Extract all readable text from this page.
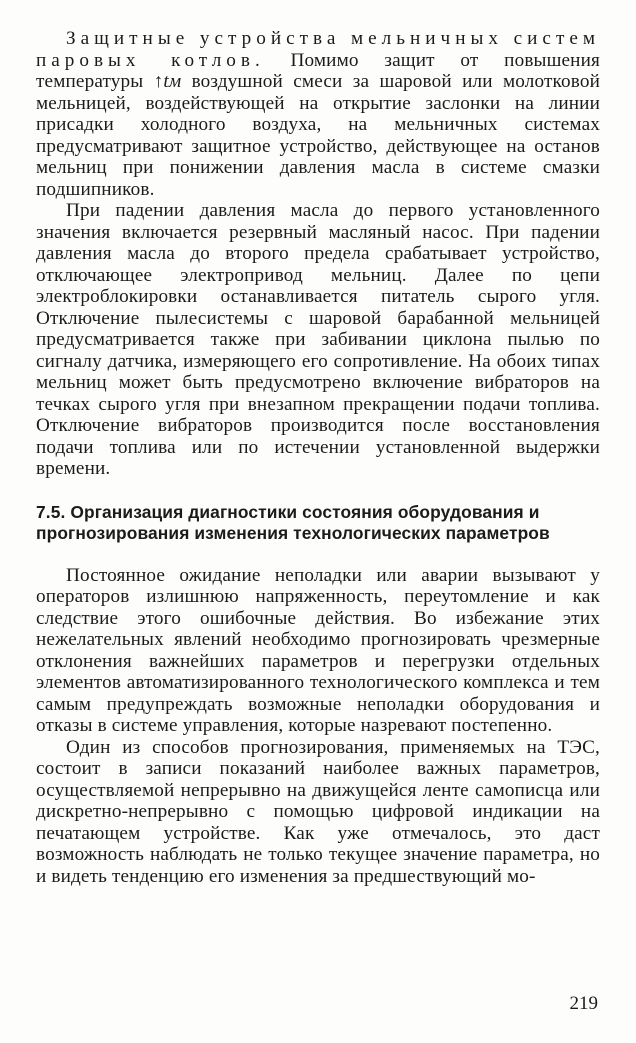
Защитные устройства мельничных систем паровых котлов. Помимо защит от повышения температуры ↑tм воздушной смеси за шаровой или молотковой мельницей, воздействующей на открытие заслонки на линии присадки холодного воздуха, на мельничных системах предусматривают защитное устройство, действующее на останов мельниц при понижении давления масла в системе смазки подшипников.

При падении давления масла до первого установленного значения включается резервный масляный насос. При падении давления масла до второго предела срабатывает устройство, отключающее электропривод мельниц. Далее по цепи электроблокировки останавливается питатель сырого угля. Отключение пылесистемы с шаровой барабанной мельницей предусматривается также при забивании циклона пылью по сигналу датчика, измеряющего его сопротивление. На обоих типах мельниц может быть предусмотрено включение вибраторов на течках сырого угля при внезапном прекращении подачи топлива. Отключение вибраторов производится после восстановления подачи топлива или по истечении установленной выдержки времени.

7.5. Организация диагностики состояния оборудования и прогнозирования изменения технологических параметров

Постоянное ожидание неполадки или аварии вызывают у операторов излишнюю напряженность, переутомление и как следствие этого ошибочные действия. Во избежание этих нежелательных явлений необходимо прогнозировать чрезмерные отклонения важнейших параметров и перегрузки отдельных элементов автоматизированного технологического комплекса и тем самым предупреждать возможные неполадки оборудования и отказы в системе управления, которые назревают постепенно.

Один из способов прогнозирования, применяемых на ТЭС, состоит в записи показаний наиболее важных параметров, осуществляемой непрерывно на движущейся ленте самописца или дискретно-непрерывно с помощью цифровой индикации на печатающем устройстве. Как уже отмечалось, это даст возможность наблюдать не только текущее значение параметра, но и видеть тенденцию его изменения за предшествующий мо-

219
